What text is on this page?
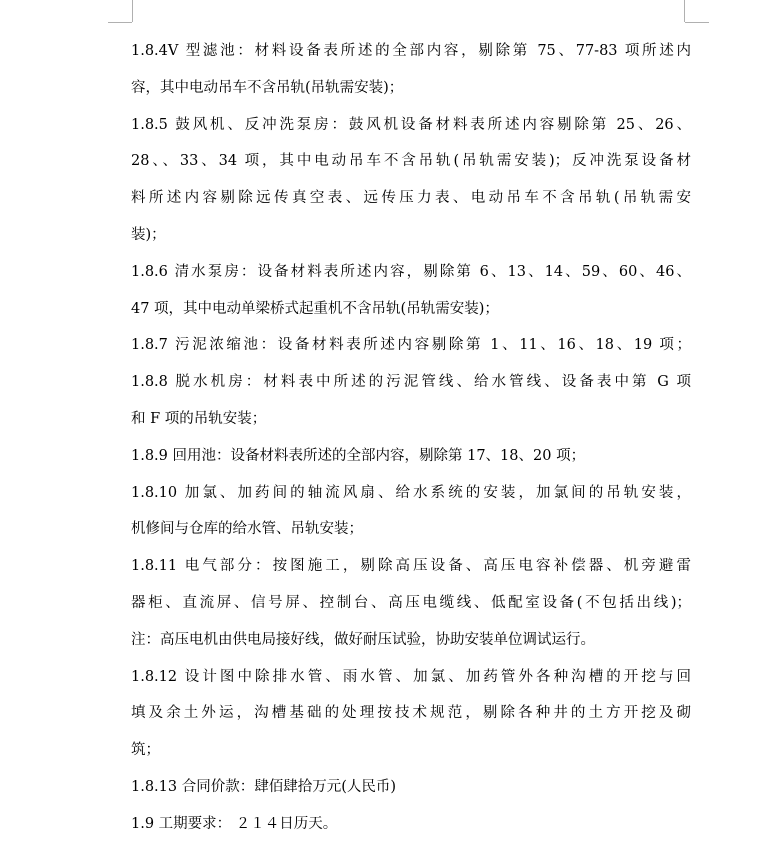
1.8.4V 型滤池：材料设备表所述的全部内容，剔除第 75、77-83 项所述内
容，其中电动吊车不含吊轨(吊轨需安装)；
1.8.5 鼓风机、反冲洗泵房：鼓风机设备材料表所述内容剔除第 25、26、
28、、33、34 项，其中电动吊车不含吊轨(吊轨需安装)；反冲洗泵设备材
料所述内容剔除远传真空表、远传压力表、电动吊车不含吊轨(吊轨需安
装)；
1.8.6 清水泵房：设备材料表所述内容，剔除第 6、13、14、59、60、46、
47 项，其中电动单梁桥式起重机不含吊轨(吊轨需安装)；
1.8.7 污泥浓缩池：设备材料表所述内容剔除第 1、11、16、18、19 项；
1.8.8 脱水机房：材料表中所述的污泥管线、给水管线、设备表中第 G 项
和 F 项的吊轨安装；
1.8.9 回用池：设备材料表所述的全部内容，剔除第 17、18、20 项；
1.8.10 加氯、加药间的轴流风扇、给水系统的安装，加氯间的吊轨安装，
机修间与仓库的给水管、吊轨安装；
1.8.11 电气部分：按图施工，剔除高压设备、高压电容补偿器、机旁避雷
器柜、直流屏、信号屏、控制台、高压电缆线、低配室设备(不包括出线)；
注：高压电机由供电局接好线，做好耐压试验，协助安装单位调试运行。
1.8.12 设计图中除排水管、雨水管、加氯、加药管外各种沟槽的开挖与回
填及余土外运，沟槽基础的处理按技术规范，剔除各种井的土方开挖及砌
筑；
1.8.13 合同价款：肆佰肆拾万元(人民币)
1.9 工期要求： ２１４日历天。
